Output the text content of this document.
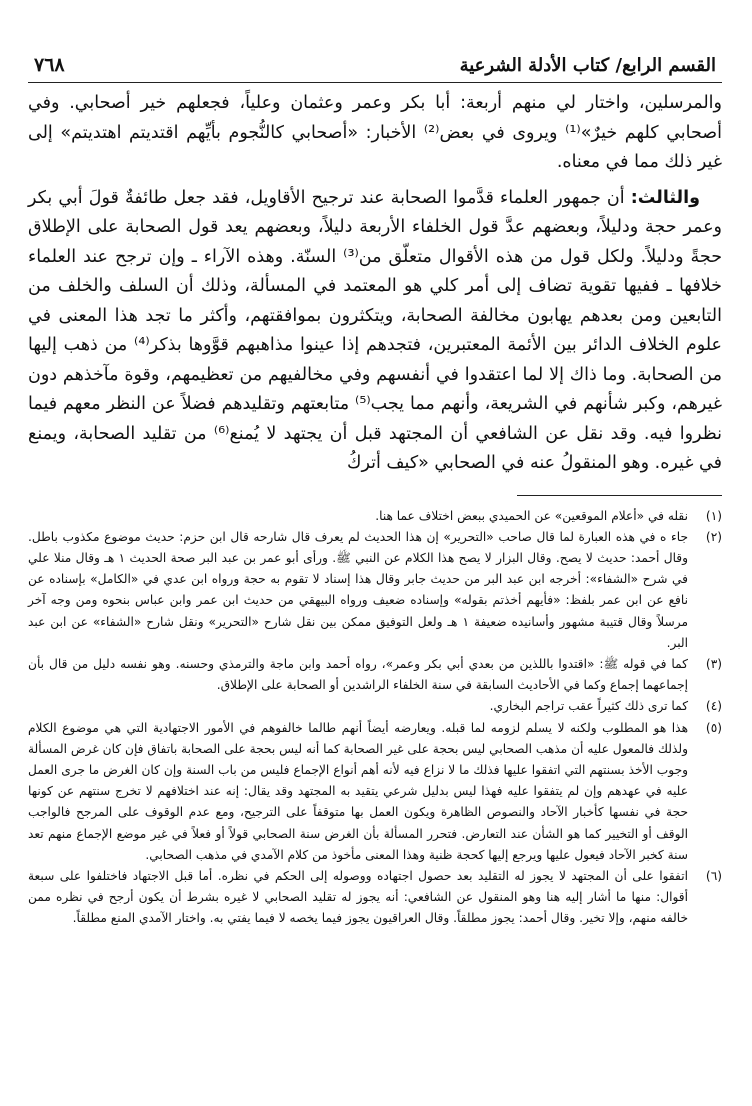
القسم الرابع/ كتاب الأدلة الشرعية
٧٦٨

والمرسلين، واختار لي منهم أربعة: أبا بكر وعمر وعثمان وعلياً، فجعلهم خير أصحابي. وفي أصحابي كلهم خيرٌ»⁽¹⁾ ويروى في بعض⁽²⁾ الأخبار: «أصحابي كالنُّجوم بأيِّهم اقتديتم اهتديتم» إلى غير ذلك مما في معناه.

والثالث: أن جمهور العلماء قدَّموا الصحابة عند ترجيح الأقاويل، فقد جعل طائفةٌ قولَ أبي بكر وعمر حجة ودليلاً، وبعضهم عدَّ قول الخلفاء الأربعة دليلاً، وبعضهم يعد قول الصحابة على الإطلاق حجةً ودليلاً. ولكل قول من هذه الأقوال متعلّق من⁽³⁾ السنّة. وهذه الآراء ـ وإن ترجح عند العلماء خلافها ـ ففيها تقوية تضاف إلى أمر كلي هو المعتمد في المسألة، وذلك أن السلف والخلف من التابعين ومن بعدهم يهابون مخالفة الصحابة، ويتكثرون بموافقتهم، وأكثر ما تجد هذا المعنى في علوم الخلاف الدائر بين الأئمة المعتبرين، فتجدهم إذا عينوا مذاهبهم قوَّوها بذكر⁽⁴⁾ من ذهب إليها من الصحابة. وما ذاك إلا لما اعتقدوا في أنفسهم وفي مخالفيهم من تعظيمهم، وقوة مآخذهم دون غيرهم، وكبر شأنهم في الشريعة، وأنهم مما يجب⁽⁵⁾ متابعتهم وتقليدهم فضلاً عن النظر معهم فيما نظروا فيه. وقد نقل عن الشافعي أن المجتهد قبل أن يجتهد لا يُمنع⁽⁶⁾ من تقليد الصحابة، ويمنع في غيره. وهو المنقولُ عنه في الصحابي «كيف أتركُ

(١)
نقله في «أعلام الموقعين» عن الحميدي ببعض اختلاف عما هنا.
(٢)
جاء ه في هذه العبارة لما قال صاحب «التحرير» إن هذا الحديث لم يعرف قال شارحه قال ابن حزم: حديث موضوع مكذوب باطل. وقال أحمد: حديث لا يصح. وقال البزار لا يصح هذا الكلام عن النبي ﷺ. ورأى أبو عمر بن عبد البر صحة الحديث ١ هـ وقال منلا علي في شرح «الشفاء»: أخرجه ابن عبد البر من حديث جابر وقال هذا إسناد لا تقوم به حجة ورواه ابن عدي في «الكامل» بإسناده عن نافع عن ابن عمر بلفظ: «فأيهم أخذتم بقوله» وإسناده ضعيف ورواه البيهقي من حديث ابن عمر وابن عباس بنحوه ومن وجه آخر مرسلاً وقال قتيبة مشهور وأسانيده ضعيفة ١ هـ ولعل التوفيق ممكن بين نقل شارح «التحرير» ونقل شارح «الشفاء» عن ابن عبد البر.
(٣)
كما في قوله ﷺ: «اقتدوا باللذين من بعدي أبي بكر وعمر»، رواه أحمد وابن ماجة والترمذي وحسنه. وهو نفسه دليل من قال بأن إجماعهما إجماع وكما في الأحاديث السابقة في سنة الخلفاء الراشدين أو الصحابة على الإطلاق.
(٤)
كما ترى ذلك كثيراً عقب تراجم البخاري.
(٥)
هذا هو المطلوب ولكنه لا يسلم لزومه لما قبله. ويعارضه أيضاً أنهم طالما خالفوهم في الأمور الاجتهادية التي هي موضوع الكلام ولذلك فالمعول عليه أن مذهب الصحابي ليس بحجة على غير الصحابة كما أنه ليس بحجة على الصحابة باتفاق فإن كان غرض المسألة وجوب الأخذ بسنتهم التي اتفقوا عليها فذلك ما لا نزاع فيه لأنه أهم أنواع الإجماع فليس من باب السنة وإن كان الغرض ما جرى العمل عليه في عهدهم وإن لم يتفقوا عليه فهذا ليس بدليل شرعي يتقيد به المجتهد وقد يقال: إنه عند اختلافهم لا تخرج سنتهم عن كونها حجة في نفسها كأخبار الآحاد والنصوص الظاهرة ويكون العمل بها متوقفاً على الترجيح، ومع عدم الوقوف على المرجح فالواجب الوقف أو التخيير كما هو الشأن عند التعارض. فتحرر المسألة بأن الغرض سنة الصحابي قولاً أو فعلاً في غير موضع الإجماع منهم تعد سنة كخبر الآحاد فيعول عليها ويرجع إليها كحجة ظنية وهذا المعنى مأخوذ من كلام الآمدي في مذهب الصحابي.
(٦)
اتفقوا على أن المجتهد لا يجوز له التقليد بعد حصول اجتهاده ووصوله إلى الحكم في نظره. أما قبل الاجتهاد فاختلفوا على سبعة أقوال: منها ما أشار إليه هنا وهو المنقول عن الشافعي: أنه يجوز له تقليد الصحابي لا غيره بشرط أن يكون أرجح في نظره ممن خالفه منهم، وإلا تخير. وقال أحمد: يجوز مطلقاً. وقال العراقيون يجوز فيما يخصه لا فيما يفتي به. واختار الآمدي المنع مطلقاً.
